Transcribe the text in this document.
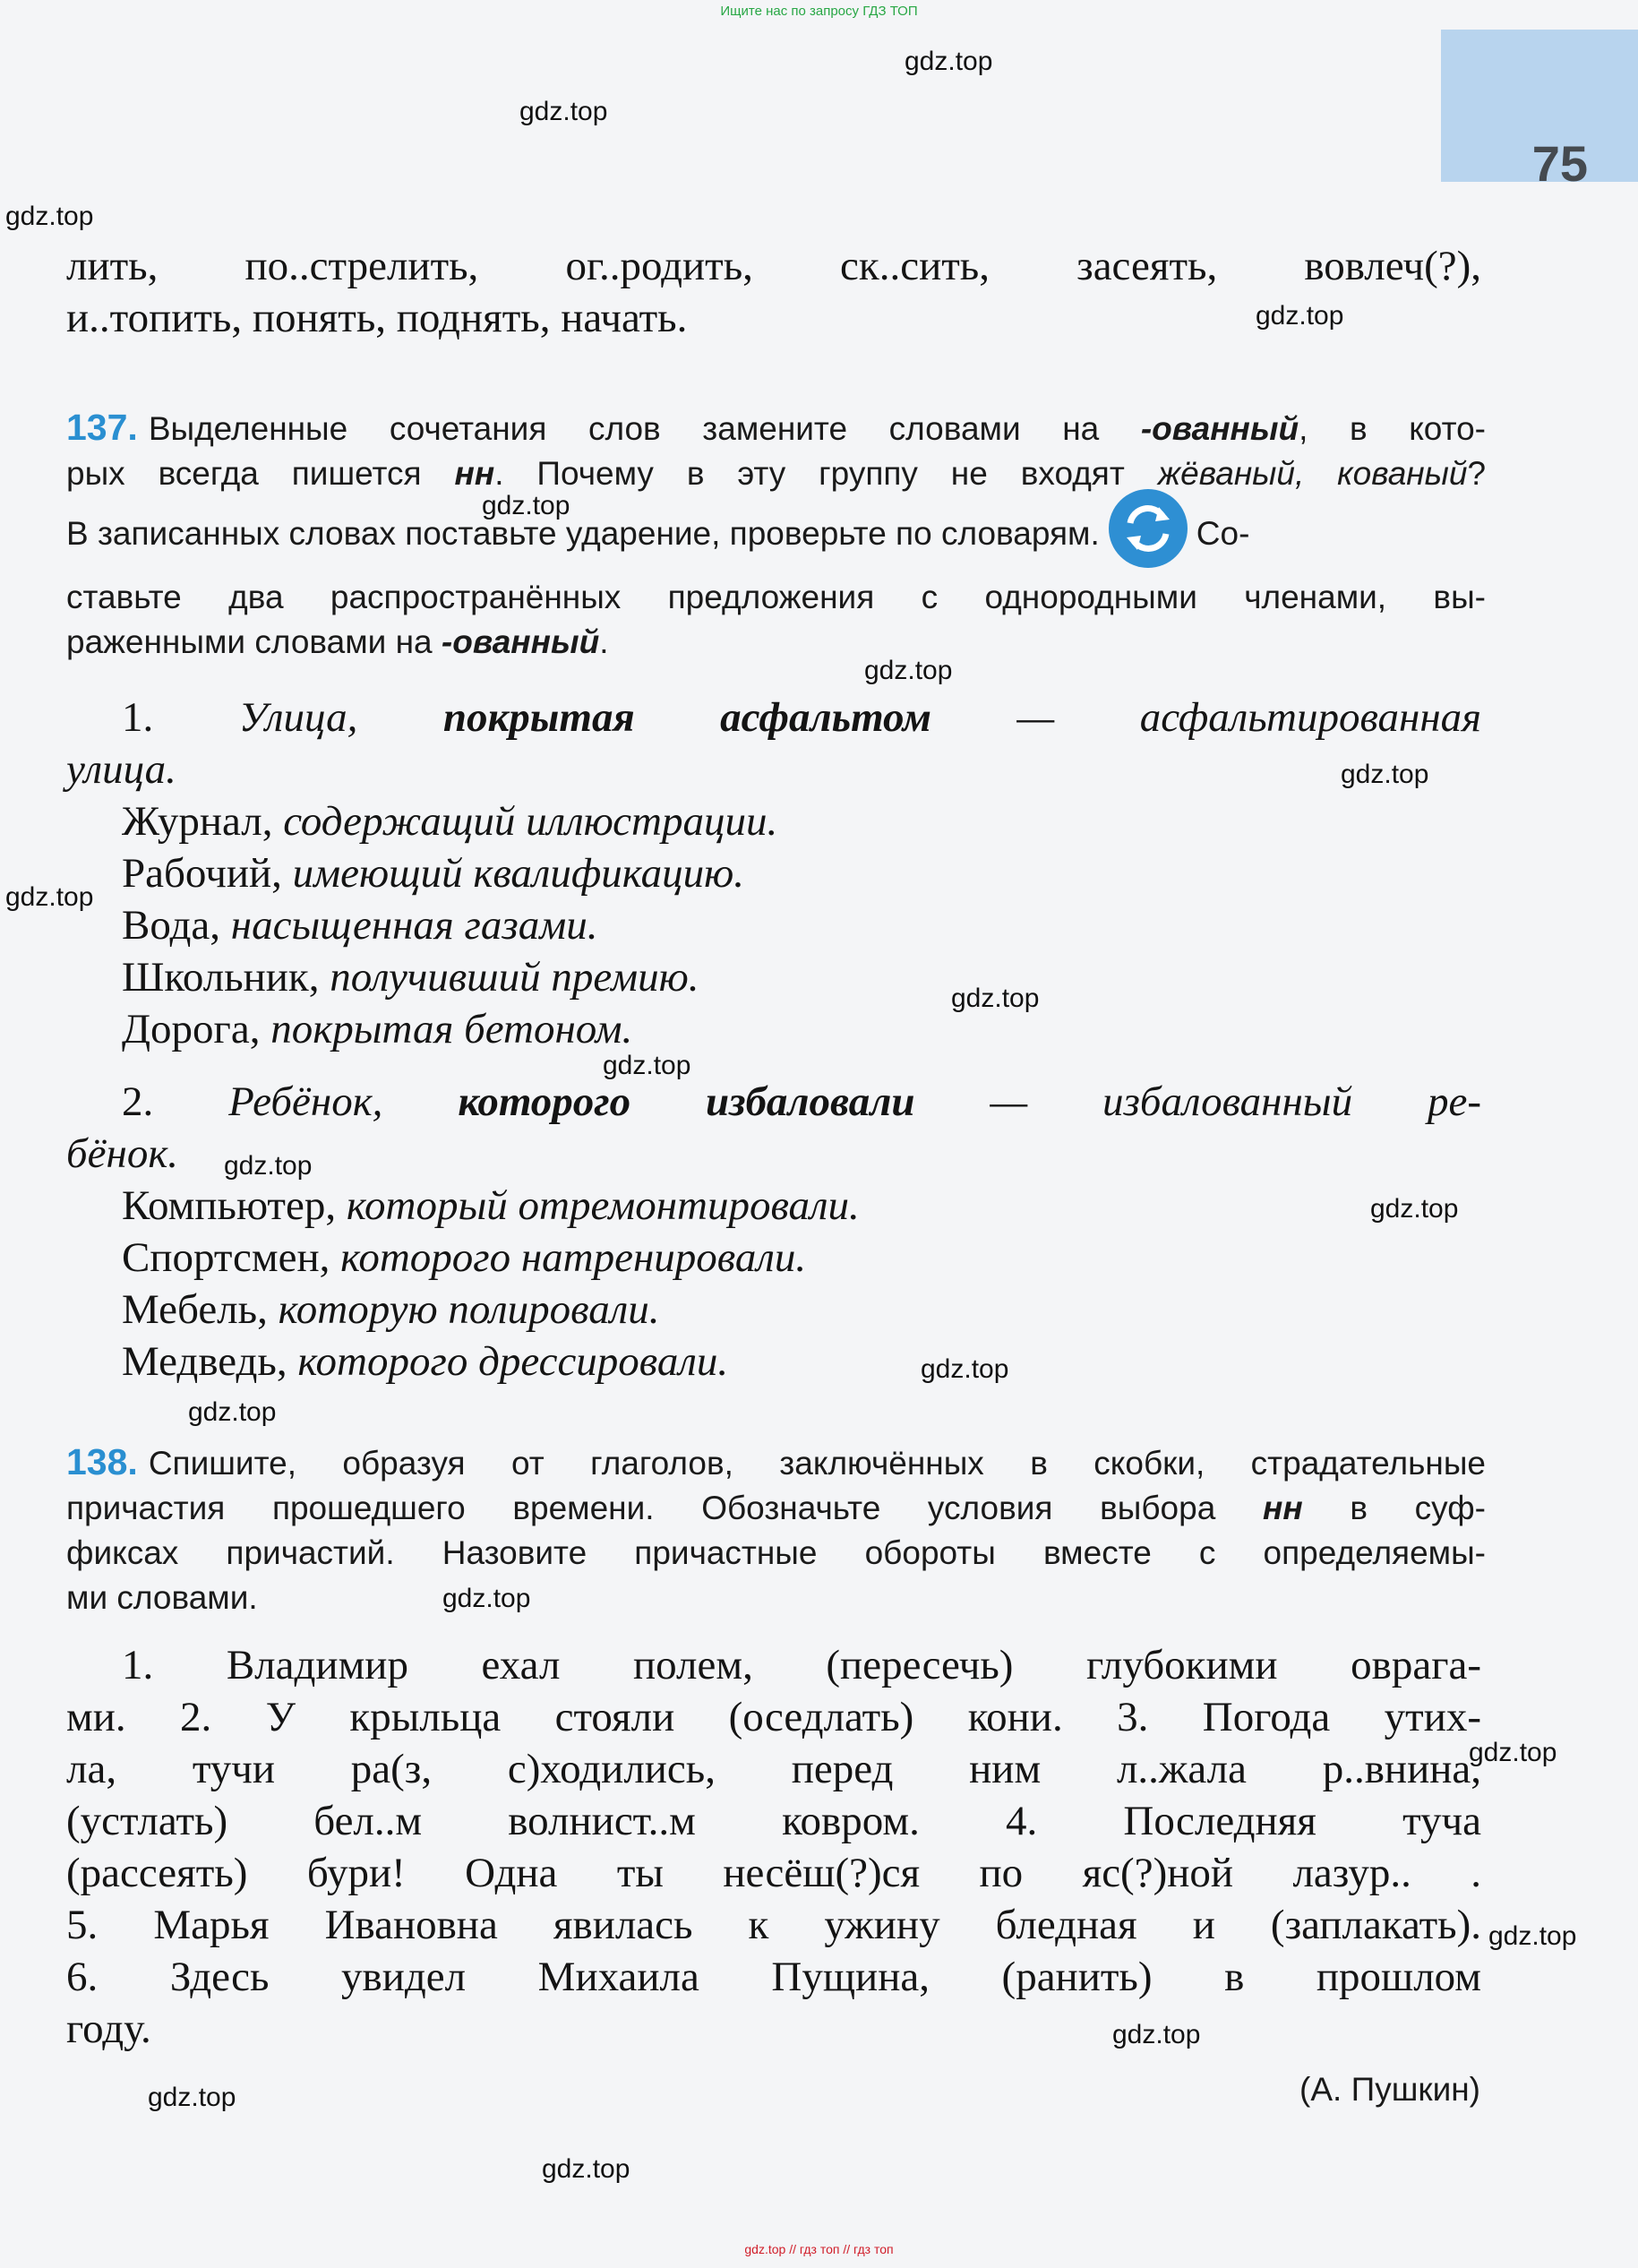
75
Ищите нас по запросу ГДЗ ТОП
gdz.top
gdz.top
gdz.top
gdz.top
gdz.top
gdz.top
gdz.top
gdz.top
gdz.top
gdz.top
gdz.top
gdz.top
gdz.top
gdz.top
gdz.top
gdz.top
gdz.top
gdz.top
gdz.top
gdz.top
лить, по..стрелить, ог..родить, ск..сить, засеять, вовлеч(?),
и..топить, понять, поднять, начать.
137. Выделенные сочетания слов замените словами на -ованный, в кото-
рых всегда пишется нн. Почему в эту группу не входят жёваный, кованый?
В записанных словах поставьте ударение, проверьте по словарям.	Со-
ставьте два распространённых предложения с однородными членами, вы-
раженными словами на -ованный.
1. Улица, покрытая асфальтом — асфальтированная
улица.
Журнал, содержащий иллюстрации.
Рабочий, имеющий квалификацию.
Вода, насыщенная газами.
Школьник, получивший премию.
Дорога, покрытая бетоном.
2. Ребёнок, которого избаловали — избалованный ре-
бёнок.
Компьютер, который отремонтировали.
Спортсмен, которого натренировали.
Мебель, которую полировали.
Медведь, которого дрессировали.
138. Спишите, образуя от глаголов, заключённых в скобки, страдательные
причастия прошедшего времени. Обозначьте условия выбора нн в суф-
фиксах причастий. Назовите причастные обороты вместе с определяемы-
ми словами.
1. Владимир ехал полем, (пересечь) глубокими оврага-
ми. 2. У крыльца стояли (оседлать) кони. 3. Погода утих-
ла, тучи ра(з, с)ходились, перед ним л..жала р..внина,
(устлать) бел..м волнист..м ковром. 4. Последняя туча
(рассеять) бури! Одна ты несёш(?)ся по яс(?)ной лазур.. .
5. Марья Ивановна явилась к ужину бледная и (заплакать).
6. Здесь увидел Михаила Пущина, (ранить) в прошлом
году.
(А. Пушкин)
gdz.top // гдз топ // гдз топ
